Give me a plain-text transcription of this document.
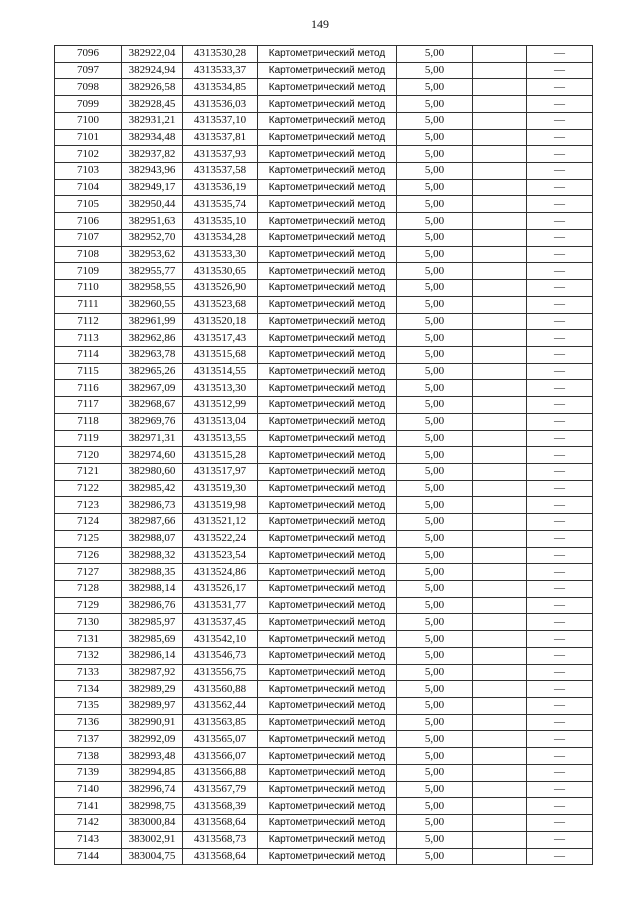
149
7096	382922,04	4313530,28	Картометрический метод	5,00		—
7097	382924,94	4313533,37	Картометрический метод	5,00		—
7098	382926,58	4313534,85	Картометрический метод	5,00		—
7099	382928,45	4313536,03	Картометрический метод	5,00		—
7100	382931,21	4313537,10	Картометрический метод	5,00		—
7101	382934,48	4313537,81	Картометрический метод	5,00		—
7102	382937,82	4313537,93	Картометрический метод	5,00		—
7103	382943,96	4313537,58	Картометрический метод	5,00		—
7104	382949,17	4313536,19	Картометрический метод	5,00		—
7105	382950,44	4313535,74	Картометрический метод	5,00		—
7106	382951,63	4313535,10	Картометрический метод	5,00		—
7107	382952,70	4313534,28	Картометрический метод	5,00		—
7108	382953,62	4313533,30	Картометрический метод	5,00		—
7109	382955,77	4313530,65	Картометрический метод	5,00		—
7110	382958,55	4313526,90	Картометрический метод	5,00		—
7111	382960,55	4313523,68	Картометрический метод	5,00		—
7112	382961,99	4313520,18	Картометрический метод	5,00		—
7113	382962,86	4313517,43	Картометрический метод	5,00		—
7114	382963,78	4313515,68	Картометрический метод	5,00		—
7115	382965,26	4313514,55	Картометрический метод	5,00		—
7116	382967,09	4313513,30	Картометрический метод	5,00		—
7117	382968,67	4313512,99	Картометрический метод	5,00		—
7118	382969,76	4313513,04	Картометрический метод	5,00		—
7119	382971,31	4313513,55	Картометрический метод	5,00		—
7120	382974,60	4313515,28	Картометрический метод	5,00		—
7121	382980,60	4313517,97	Картометрический метод	5,00		—
7122	382985,42	4313519,30	Картометрический метод	5,00		—
7123	382986,73	4313519,98	Картометрический метод	5,00		—
7124	382987,66	4313521,12	Картометрический метод	5,00		—
7125	382988,07	4313522,24	Картометрический метод	5,00		—
7126	382988,32	4313523,54	Картометрический метод	5,00		—
7127	382988,35	4313524,86	Картометрический метод	5,00		—
7128	382988,14	4313526,17	Картометрический метод	5,00		—
7129	382986,76	4313531,77	Картометрический метод	5,00		—
7130	382985,97	4313537,45	Картометрический метод	5,00		—
7131	382985,69	4313542,10	Картометрический метод	5,00		—
7132	382986,14	4313546,73	Картометрический метод	5,00		—
7133	382987,92	4313556,75	Картометрический метод	5,00		—
7134	382989,29	4313560,88	Картометрический метод	5,00		—
7135	382989,97	4313562,44	Картометрический метод	5,00		—
7136	382990,91	4313563,85	Картометрический метод	5,00		—
7137	382992,09	4313565,07	Картометрический метод	5,00		—
7138	382993,48	4313566,07	Картометрический метод	5,00		—
7139	382994,85	4313566,88	Картометрический метод	5,00		—
7140	382996,74	4313567,79	Картометрический метод	5,00		—
7141	382998,75	4313568,39	Картометрический метод	5,00		—
7142	383000,84	4313568,64	Картометрический метод	5,00		—
7143	383002,91	4313568,73	Картометрический метод	5,00		—
7144	383004,75	4313568,64	Картометрический метод	5,00		—
